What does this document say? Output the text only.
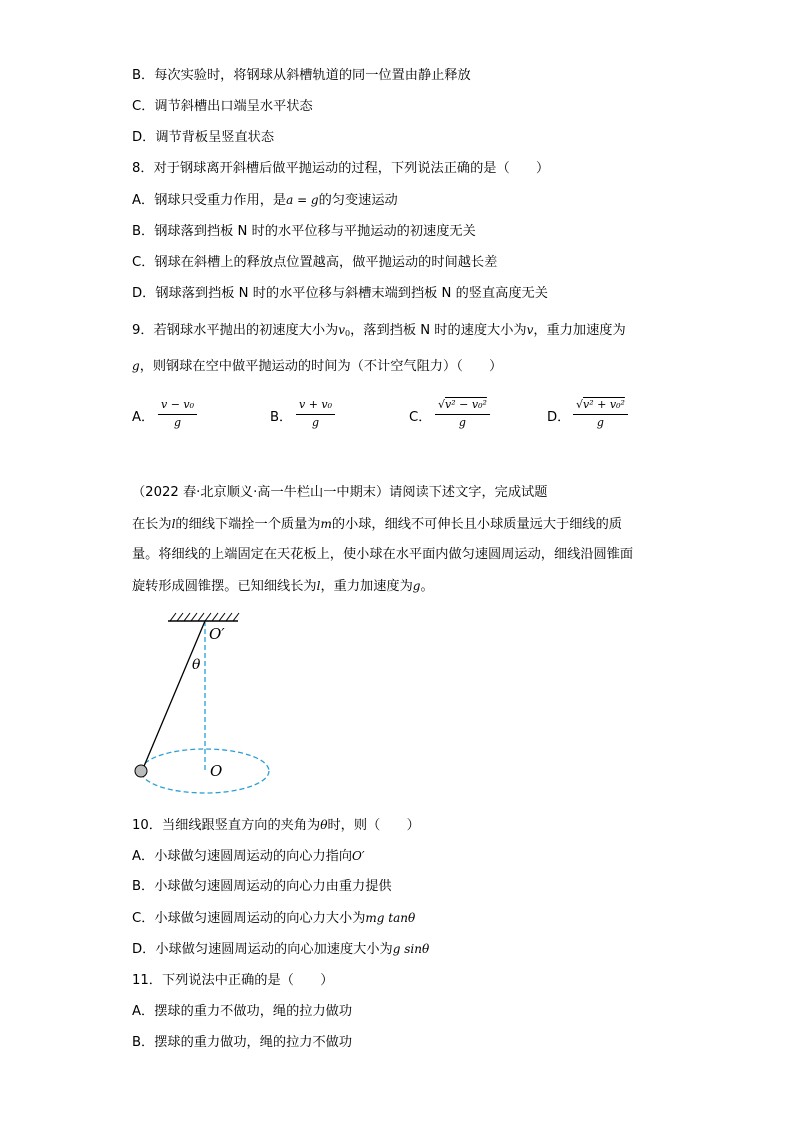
B．每次实验时，将钢球从斜槽轨道的同一位置由静止释放
C．调节斜槽出口端呈水平状态
D．调节背板呈竖直状态
8．对于钢球离开斜槽后做平抛运动的过程，下列说法正确的是（　　）
A．钢球只受重力作用，是a = g的匀变速运动
B．钢球落到挡板 N 时的水平位移与平抛运动的初速度无关
C．钢球在斜槽上的释放点位置越高，做平抛运动的时间越长差
D．钢球落到挡板 N 时的水平位移与斜槽末端到挡板 N 的竖直高度无关
9．若钢球水平抛出的初速度大小为$v_0$，落到挡板 N 时的速度大小为v，重力加速度为
g，则钢球在空中做平抛运动的时间为（不计空气阻力）（　　）
A． $\frac{\text{v − v₀}}{g}$	B． $\frac{\text{v + v₀}}{g}$	C． $\frac{\text{√v² − v₀²}}{g}$	D． $\frac{\text{√v² + v₀²}}{g}$
（2022 春·北京顺义·高一牛栏山一中期末）请阅读下述文字，完成试题
在长为l的细线下端拴一个质量为m的小球，细线不可伸长且小球质量远大于细线的质
量。将细线的上端固定在天花板上，使小球在水平面内做匀速圆周运动，细线沿圆锥面
旋转形成圆锥摆。已知细线长为l，重力加速度为g。
O′
θ
O
10．当细线跟竖直方向的夹角为θ时，则（　　）
A．小球做匀速圆周运动的向心力指向O′
B．小球做匀速圆周运动的向心力由重力提供
C．小球做匀速圆周运动的向心力大小为mg tanθ
D．小球做匀速圆周运动的向心加速度大小为g sinθ
11．下列说法中正确的是（　　）
A．摆球的重力不做功，绳的拉力做功
B．摆球的重力做功，绳的拉力不做功
